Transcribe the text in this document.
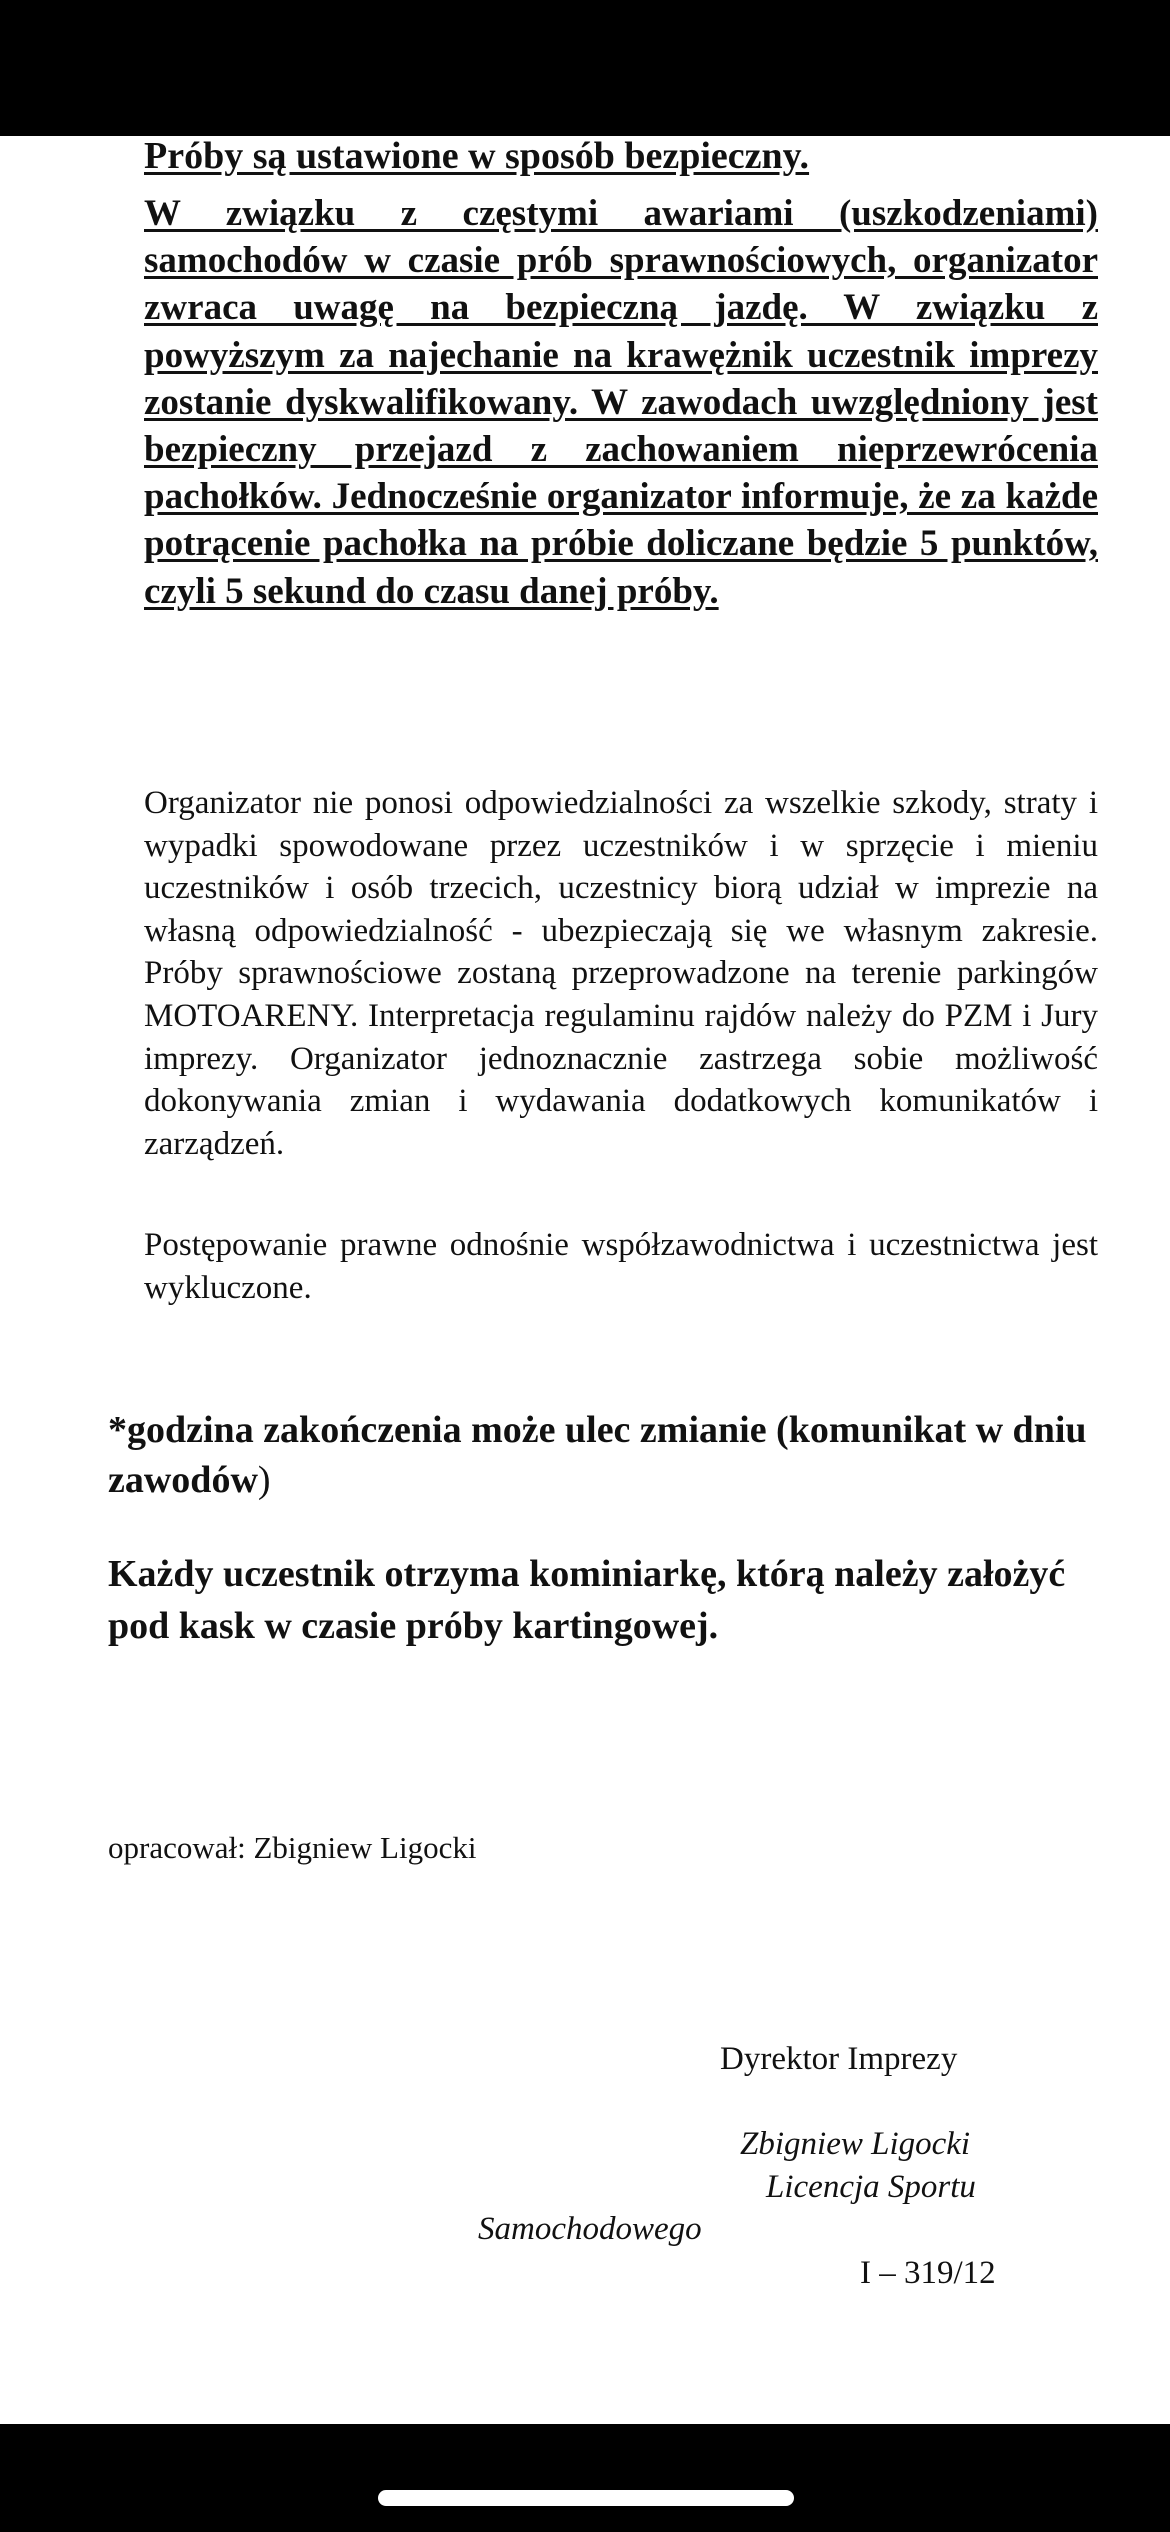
Próby są ustawione w sposób bezpieczny.

W związku z częstymi awariami (uszkodzeniami) samochodów w czasie prób sprawnościowych, organizator zwraca uwagę na bezpieczną jazdę. W związku z powyższym za najechanie na krawężnik uczestnik imprezy zostanie dyskwalifikowany. W zawodach uwzględniony jest bezpieczny przejazd z zachowaniem nieprzewrócenia pachołków. Jednocześnie organizator informuje, że za każde potrącenie pachołka na próbie doliczane będzie 5 punktów, czyli 5 sekund do czasu danej próby.

Organizator nie ponosi odpowiedzialności za wszelkie szkody, straty i wypadki spowodowane przez uczestników i w sprzęcie i mieniu uczestników i osób trzecich, uczestnicy biorą udział w imprezie na własną odpowiedzialność - ubezpieczają się we własnym zakresie. Próby sprawnościowe zostaną przeprowadzone na terenie parkingów MOTOARENY. Interpretacja regulaminu rajdów należy do PZM i Jury imprezy. Organizator jednoznacznie zastrzega sobie możliwość dokonywania zmian i wydawania dodatkowych komunikatów i zarządzeń.

Postępowanie prawne odnośnie współzawodnictwa i uczestnictwa jest wykluczone.

*godzina zakończenia może ulec zmianie (komunikat w dniu zawodów)

Każdy uczestnik otrzyma kominiarkę, którą należy założyć pod kask w czasie próby kartingowej.

opracował: Zbigniew Ligocki

Dyrektor Imprezy

Zbigniew Ligocki

Licencja Sportu

Samochodowego

I – 319/12
